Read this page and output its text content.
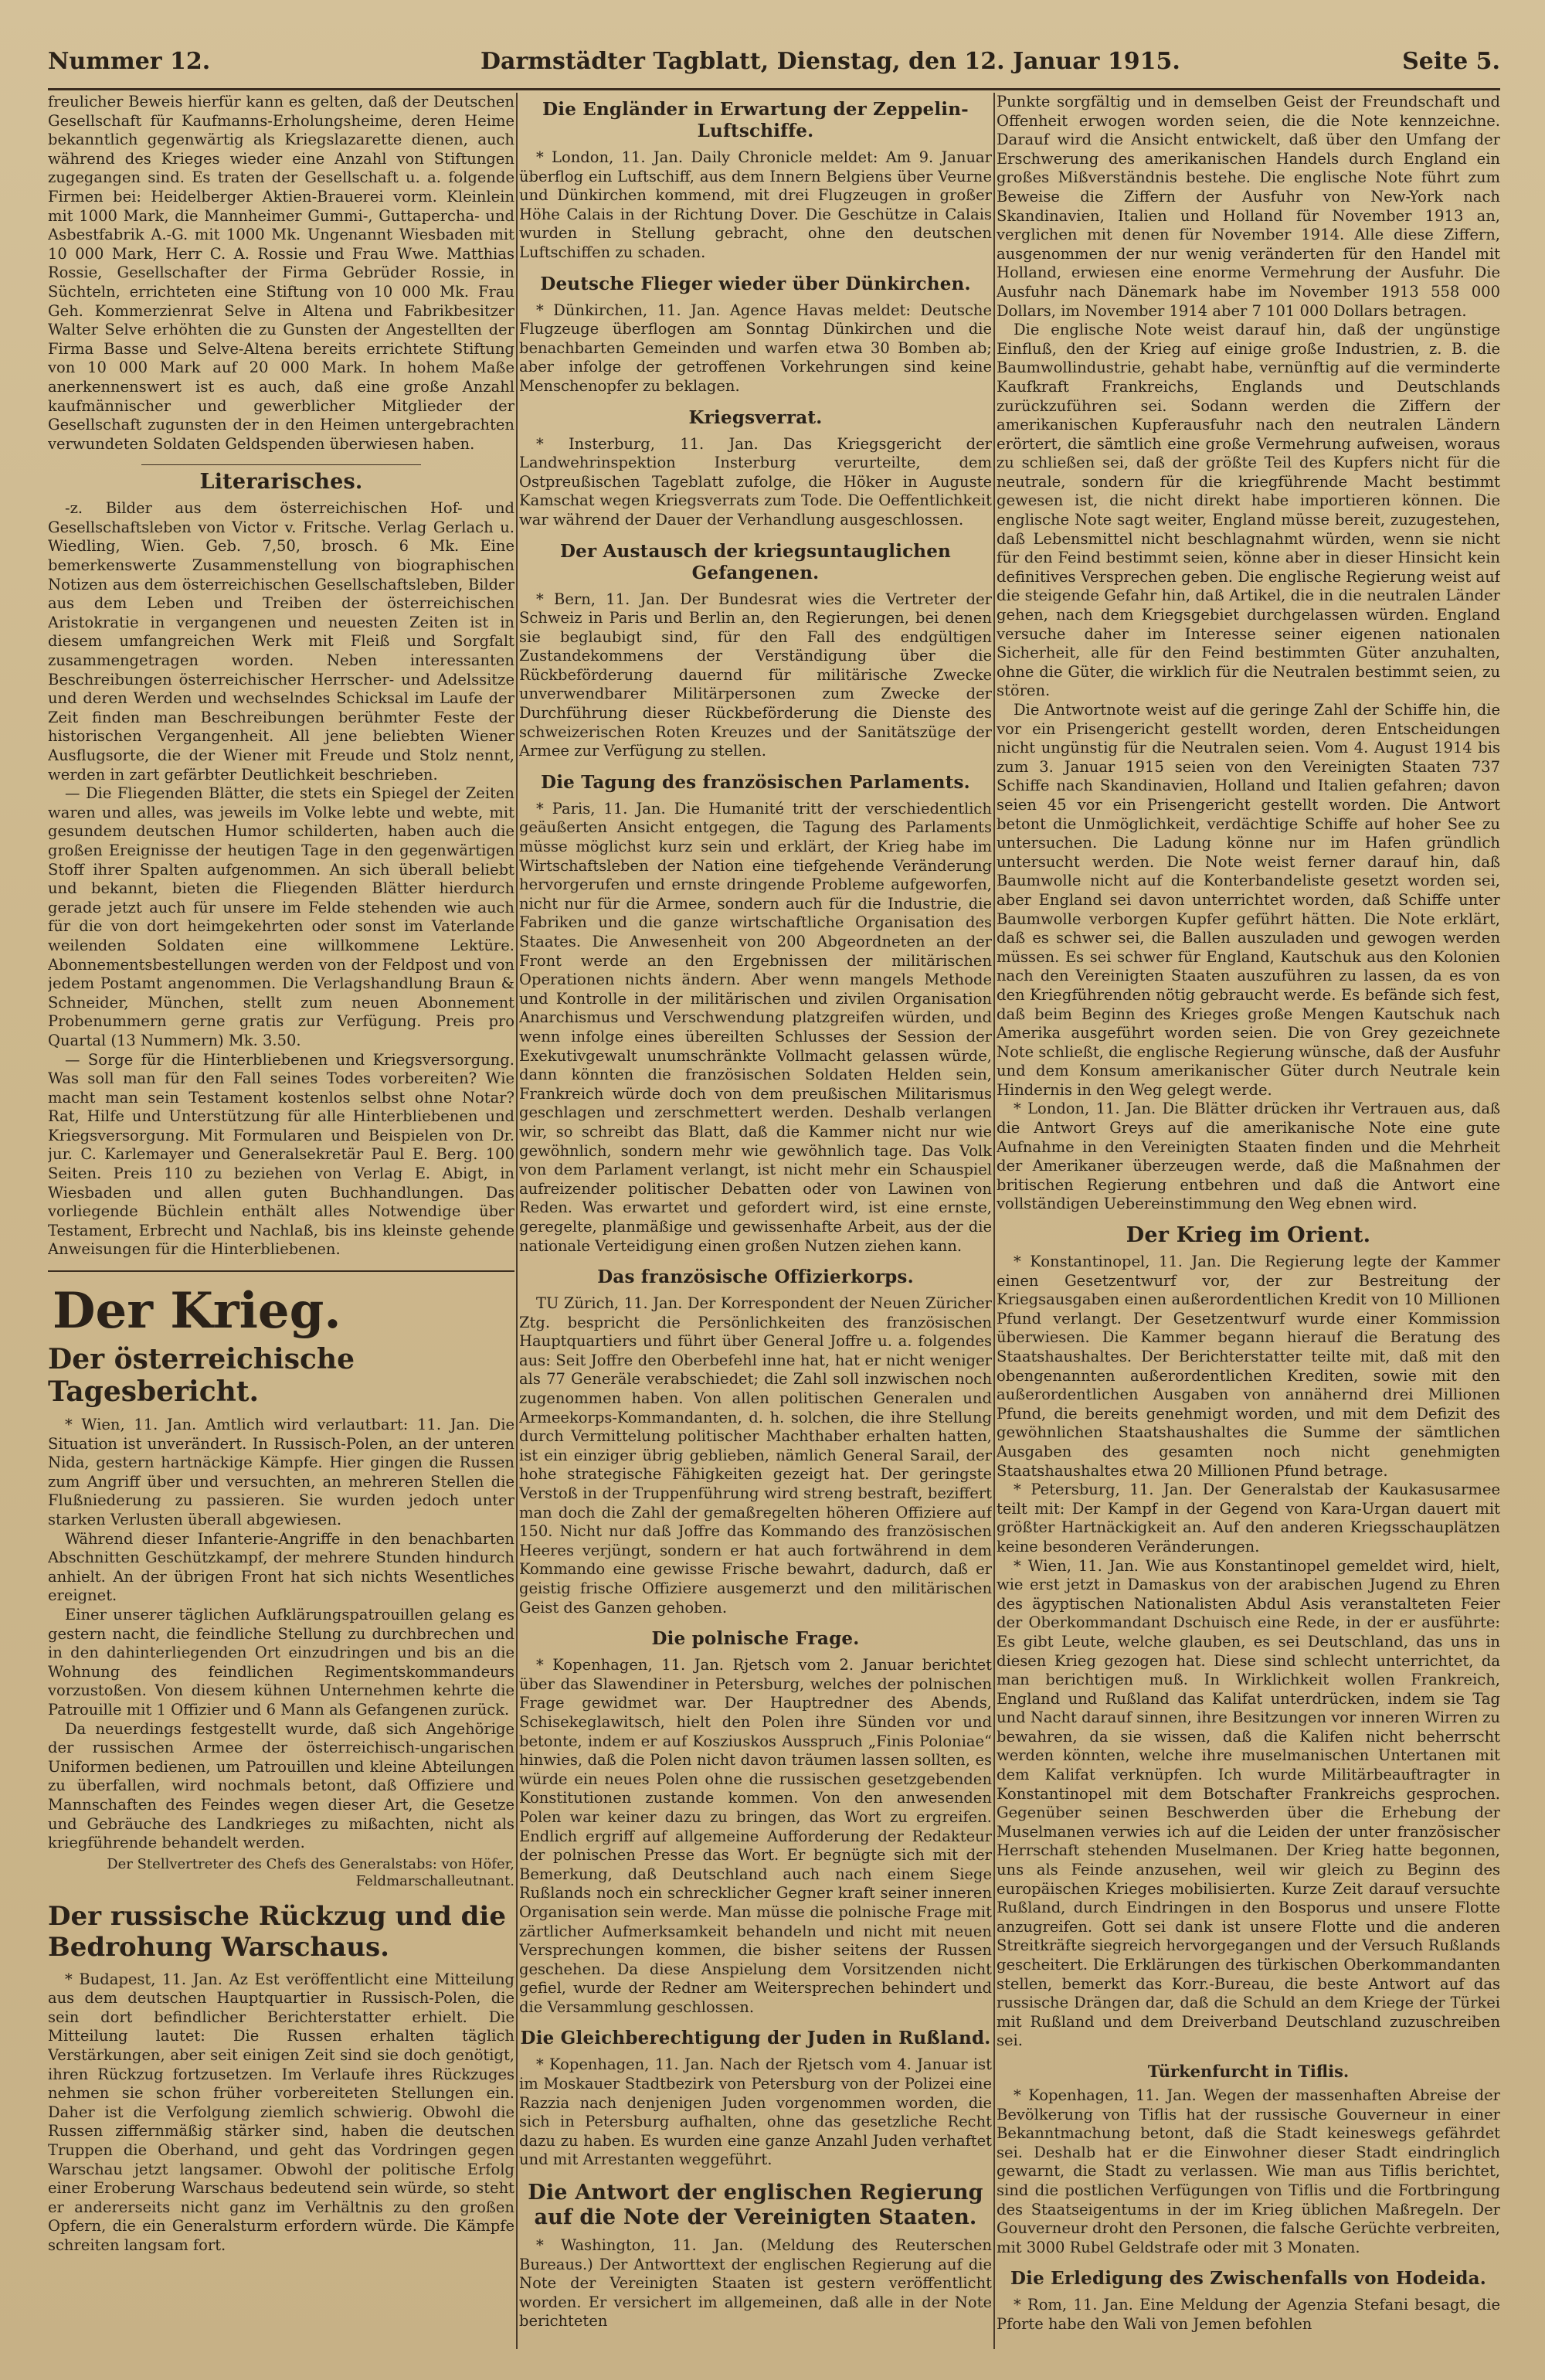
Nummer 12.	Darmstädter Tagblatt, Dienstag, den 12. Januar 1915.	Seite 5.

freulicher Beweis hierfür kann es gelten, daß der Deutschen Gesellschaft für Kaufmanns-Erholungsheime, deren Heime bekanntlich gegenwärtig als Kriegslazarette dienen, auch während des Krieges wieder eine Anzahl von Stiftungen zugegangen sind. Es traten der Gesellschaft u. a. folgende Firmen bei: Heidelberger Aktien-Brauerei vorm. Kleinlein mit 1000 Mark, die Mannheimer Gummi-, Guttapercha- und Asbestfabrik A.-G. mit 1000 Mk. Ungenannt Wiesbaden mit 10 000 Mark, Herr C. A. Rossie und Frau Wwe. Matthias Rossie, Gesellschafter der Firma Gebrüder Rossie, in Süchteln, errichteten eine Stiftung von 10 000 Mk. Frau Geh. Kommerzienrat Selve in Altena und Fabrikbesitzer Walter Selve erhöhten die zu Gunsten der Angestellten der Firma Basse und Selve-Altena bereits errichtete Stiftung von 10 000 Mark auf 20 000 Mark. In hohem Maße anerkennenswert ist es auch, daß eine große Anzahl kaufmännischer und gewerblicher Mitglieder der Gesellschaft zugunsten der in den Heimen untergebrachten verwundeten Soldaten Geldspenden überwiesen haben.

Literarisches.

-z. Bilder aus dem österreichischen Hof- und Gesellschaftsleben von Victor v. Fritsche. Verlag Gerlach u. Wiedling, Wien. Geb. 7,50, brosch. 6 Mk. Eine bemerkenswerte Zusammenstellung von biographischen Notizen aus dem österreichischen Gesellschaftsleben, Bilder aus dem Leben und Treiben der österreichischen Aristokratie in vergangenen und neuesten Zeiten ist in diesem umfangreichen Werk mit Fleiß und Sorgfalt zusammengetragen worden. Neben interessanten Beschreibungen österreichischer Herrscher- und Adelssitze und deren Werden und wechselndes Schicksal im Laufe der Zeit finden man Beschreibungen berühmter Feste der historischen Vergangenheit. All jene beliebten Wiener Ausflugsorte, die der Wiener mit Freude und Stolz nennt, werden in zart gefärbter Deutlichkeit beschrieben.

— Die Fliegenden Blätter, die stets ein Spiegel der Zeiten waren und alles, was jeweils im Volke lebte und webte, mit gesundem deutschen Humor schilderten, haben auch die großen Ereignisse der heutigen Tage in den gegenwärtigen Stoff ihrer Spalten aufgenommen. An sich überall beliebt und bekannt, bieten die Fliegenden Blätter hierdurch gerade jetzt auch für unsere im Felde stehenden wie auch für die von dort heimgekehrten oder sonst im Vaterlande weilenden Soldaten eine willkommene Lektüre. Abonnementsbestellungen werden von der Feldpost und von jedem Postamt angenommen. Die Verlagshandlung Braun & Schneider, München, stellt zum neuen Abonnement Probenummern gerne gratis zur Verfügung. Preis pro Quartal (13 Nummern) Mk. 3.50.

— Sorge für die Hinterbliebenen und Kriegsversorgung. Was soll man für den Fall seines Todes vorbereiten? Wie macht man sein Testament kostenlos selbst ohne Notar? Rat, Hilfe und Unterstützung für alle Hinterbliebenen und Kriegsversorgung. Mit Formularen und Beispielen von Dr. jur. C. Karlemayer und Generalsekretär Paul E. Berg. 100 Seiten. Preis 110 zu beziehen von Verlag E. Abigt, in Wiesbaden und allen guten Buchhandlungen. Das vorliegende Büchlein enthält alles Notwendige über Testament, Erbrecht und Nachlaß, bis ins kleinste gehende Anweisungen für die Hinterbliebenen.

Der Krieg.
Der österreichische Tagesbericht.

* Wien, 11. Jan. Amtlich wird verlautbart: 11. Jan. Die Situation ist unverändert. In Russisch-Polen, an der unteren Nida, gestern hartnäckige Kämpfe. Hier gingen die Russen zum Angriff über und versuchten, an mehreren Stellen die Flußniederung zu passieren. Sie wurden jedoch unter starken Verlusten überall abgewiesen.

Während dieser Infanterie-Angriffe in den benachbarten Abschnitten Geschützkampf, der mehrere Stunden hindurch anhielt. An der übrigen Front hat sich nichts Wesentliches ereignet.

Einer unserer täglichen Aufklärungspatrouillen gelang es gestern nacht, die feindliche Stellung zu durchbrechen und in den dahinterliegenden Ort einzudringen und bis an die Wohnung des feindlichen Regimentskommandeurs vorzustoßen. Von diesem kühnen Unternehmen kehrte die Patrouille mit 1 Offizier und 6 Mann als Gefangenen zurück.

Da neuerdings festgestellt wurde, daß sich Angehörige der russischen Armee der österreichisch-ungarischen Uniformen bedienen, um Patrouillen und kleine Abteilungen zu überfallen, wird nochmals betont, daß Offiziere und Mannschaften des Feindes wegen dieser Art, die Gesetze und Gebräuche des Landkrieges zu mißachten, nicht als kriegführende behandelt werden.

Der Stellvertreter des Chefs des Generalstabs: von Höfer, Feldmarschalleutnant.
Der russische Rückzug und die Bedrohung Warschaus.

* Budapest, 11. Jan. Az Est veröffentlicht eine Mitteilung aus dem deutschen Hauptquartier in Russisch-Polen, die sein dort befindlicher Berichterstatter erhielt. Die Mitteilung lautet: Die Russen erhalten täglich Verstärkungen, aber seit einigen Zeit sind sie doch genötigt, ihren Rückzug fortzusetzen. Im Verlaufe ihres Rückzuges nehmen sie schon früher vorbereiteten Stellungen ein. Daher ist die Verfolgung ziemlich schwierig. Obwohl die Russen ziffernmäßig stärker sind, haben die deutschen Truppen die Oberhand, und geht das Vordringen gegen Warschau jetzt langsamer. Obwohl der politische Erfolg einer Eroberung Warschaus bedeutend sein würde, so steht er andererseits nicht ganz im Verhältnis zu den großen Opfern, die ein Generalsturm erfordern würde. Die Kämpfe schreiten langsam fort.

Die Engländer in Erwartung der Zeppelin-Luftschiffe.

* London, 11. Jan. Daily Chronicle meldet: Am 9. Januar überflog ein Luftschiff, aus dem Innern Belgiens über Veurne und Dünkirchen kommend, mit drei Flugzeugen in großer Höhe Calais in der Richtung Dover. Die Geschütze in Calais wurden in Stellung gebracht, ohne den deutschen Luftschiffen zu schaden.

Deutsche Flieger wieder über Dünkirchen.

* Dünkirchen, 11. Jan. Agence Havas meldet: Deutsche Flugzeuge überflogen am Sonntag Dünkirchen und die benachbarten Gemeinden und warfen etwa 30 Bomben ab; aber infolge der getroffenen Vorkehrungen sind keine Menschenopfer zu beklagen.

Kriegsverrat.

* Insterburg, 11. Jan. Das Kriegsgericht der Landwehrinspektion Insterburg verurteilte, dem Ostpreußischen Tageblatt zufolge, die Höker in Auguste Kamschat wegen Kriegsverrats zum Tode. Die Oeffentlichkeit war während der Dauer der Verhandlung ausgeschlossen.

Der Austausch der kriegsuntauglichen Gefangenen.

* Bern, 11. Jan. Der Bundesrat wies die Vertreter der Schweiz in Paris und Berlin an, den Regierungen, bei denen sie beglaubigt sind, für den Fall des endgültigen Zustandekommens der Verständigung über die Rückbeförderung dauernd für militärische Zwecke unverwendbarer Militärpersonen zum Zwecke der Durchführung dieser Rückbeförderung die Dienste des schweizerischen Roten Kreuzes und der Sanitätszüge der Armee zur Verfügung zu stellen.

Die Tagung des französischen Parlaments.

* Paris, 11. Jan. Die Humanité tritt der verschiedentlich geäußerten Ansicht entgegen, die Tagung des Parlaments müsse möglichst kurz sein und erklärt, der Krieg habe im Wirtschaftsleben der Nation eine tiefgehende Veränderung hervorgerufen und ernste dringende Probleme aufgeworfen, nicht nur für die Armee, sondern auch für die Industrie, die Fabriken und die ganze wirtschaftliche Organisation des Staates. Die Anwesenheit von 200 Abgeordneten an der Front werde an den Ergebnissen der militärischen Operationen nichts ändern. Aber wenn mangels Methode und Kontrolle in der militärischen und zivilen Organisation Anarchismus und Verschwendung platzgreifen würden, und wenn infolge eines übereilten Schlusses der Session der Exekutivgewalt unumschränkte Vollmacht gelassen würde, dann könnten die französischen Soldaten Helden sein, Frankreich würde doch von dem preußischen Militarismus geschlagen und zerschmettert werden. Deshalb verlangen wir, so schreibt das Blatt, daß die Kammer nicht nur wie gewöhnlich, sondern mehr wie gewöhnlich tage. Das Volk von dem Parlament verlangt, ist nicht mehr ein Schauspiel aufreizender politischer Debatten oder von Lawinen von Reden. Was erwartet und gefordert wird, ist eine ernste, geregelte, planmäßige und gewissenhafte Arbeit, aus der die nationale Verteidigung einen großen Nutzen ziehen kann.

Das französische Offizierkorps.

TU Zürich, 11. Jan. Der Korrespondent der Neuen Züricher Ztg. bespricht die Persönlichkeiten des französischen Hauptquartiers und führt über General Joffre u. a. folgendes aus: Seit Joffre den Oberbefehl inne hat, hat er nicht weniger als 77 Generäle verabschiedet; die Zahl soll inzwischen noch zugenommen haben. Von allen politischen Generalen und Armeekorps-Kommandanten, d. h. solchen, die ihre Stellung durch Vermittelung politischer Machthaber erhalten hatten, ist ein einziger übrig geblieben, nämlich General Sarail, der hohe strategische Fähigkeiten gezeigt hat. Der geringste Verstoß in der Truppenführung wird streng bestraft, beziffert man doch die Zahl der gemaßregelten höheren Offiziere auf 150. Nicht nur daß Joffre das Kommando des französischen Heeres verjüngt, sondern er hat auch fortwährend in dem Kommando eine gewisse Frische bewahrt, dadurch, daß er geistig frische Offiziere ausgemerzt und den militärischen Geist des Ganzen gehoben.

Die polnische Frage.

* Kopenhagen, 11. Jan. Rjetsch vom 2. Januar berichtet über das Slawendiner in Petersburg, welches der polnischen Frage gewidmet war. Der Hauptredner des Abends, Schisekeglawitsch, hielt den Polen ihre Sünden vor und betonte, indem er auf Kosziuskos Ausspruch „Finis Poloniae“ hinwies, daß die Polen nicht davon träumen lassen sollten, es würde ein neues Polen ohne die russischen gesetzgebenden Konstitutionen zustande kommen. Von den anwesenden Polen war keiner dazu zu bringen, das Wort zu ergreifen. Endlich ergriff auf allgemeine Aufforderung der Redakteur der polnischen Presse das Wort. Er begnügte sich mit der Bemerkung, daß Deutschland auch nach einem Siege Rußlands noch ein schrecklicher Gegner kraft seiner inneren Organisation sein werde. Man müsse die polnische Frage mit zärtlicher Aufmerksamkeit behandeln und nicht mit neuen Versprechungen kommen, die bisher seitens der Russen geschehen. Da diese Anspielung dem Vorsitzenden nicht gefiel, wurde der Redner am Weitersprechen behindert und die Versammlung geschlossen.

Die Gleichberechtigung der Juden in Rußland.

* Kopenhagen, 11. Jan. Nach der Rjetsch vom 4. Januar ist im Moskauer Stadtbezirk von Petersburg von der Polizei eine Razzia nach denjenigen Juden vorgenommen worden, die sich in Petersburg aufhalten, ohne das gesetzliche Recht dazu zu haben. Es wurden eine ganze Anzahl Juden verhaftet und mit Arrestanten weggeführt.

Die Antwort der englischen Regierung auf die Note der Vereinigten Staaten.

* Washington, 11. Jan. (Meldung des Reuterschen Bureaus.) Der Antworttext der englischen Regierung auf die Note der Vereinigten Staaten ist gestern veröffentlicht worden. Er versichert im allgemeinen, daß alle in der Note berichteten

Punkte sorgfältig und in demselben Geist der Freundschaft und Offenheit erwogen worden seien, die die Note kennzeichne. Darauf wird die Ansicht entwickelt, daß über den Umfang der Erschwerung des amerikanischen Handels durch England ein großes Mißverständnis bestehe. Die englische Note führt zum Beweise die Ziffern der Ausfuhr von New-York nach Skandinavien, Italien und Holland für November 1913 an, verglichen mit denen für November 1914. Alle diese Ziffern, ausgenommen der nur wenig veränderten für den Handel mit Holland, erwiesen eine enorme Vermehrung der Ausfuhr. Die Ausfuhr nach Dänemark habe im November 1913 558 000 Dollars, im November 1914 aber 7 101 000 Dollars betragen.

Die englische Note weist darauf hin, daß der ungünstige Einfluß, den der Krieg auf einige große Industrien, z. B. die Baumwollindustrie, gehabt habe, vernünftig auf die verminderte Kaufkraft Frankreichs, Englands und Deutschlands zurückzuführen sei. Sodann werden die Ziffern der amerikanischen Kupferausfuhr nach den neutralen Ländern erörtert, die sämtlich eine große Vermehrung aufweisen, woraus zu schließen sei, daß der größte Teil des Kupfers nicht für die neutrale, sondern für die kriegführende Macht bestimmt gewesen ist, die nicht direkt habe importieren können. Die englische Note sagt weiter, England müsse bereit, zuzugestehen, daß Lebensmittel nicht beschlagnahmt würden, wenn sie nicht für den Feind bestimmt seien, könne aber in dieser Hinsicht kein definitives Versprechen geben. Die englische Regierung weist auf die steigende Gefahr hin, daß Artikel, die in die neutralen Länder gehen, nach dem Kriegsgebiet durchgelassen würden. England versuche daher im Interesse seiner eigenen nationalen Sicherheit, alle für den Feind bestimmten Güter anzuhalten, ohne die Güter, die wirklich für die Neutralen bestimmt seien, zu stören.

Die Antwortnote weist auf die geringe Zahl der Schiffe hin, die vor ein Prisengericht gestellt worden, deren Entscheidungen nicht ungünstig für die Neutralen seien. Vom 4. August 1914 bis zum 3. Januar 1915 seien von den Vereinigten Staaten 737 Schiffe nach Skandinavien, Holland und Italien gefahren; davon seien 45 vor ein Prisengericht gestellt worden. Die Antwort betont die Unmöglichkeit, verdächtige Schiffe auf hoher See zu untersuchen. Die Ladung könne nur im Hafen gründlich untersucht werden. Die Note weist ferner darauf hin, daß Baumwolle nicht auf die Konterbandeliste gesetzt worden sei, aber England sei davon unterrichtet worden, daß Schiffe unter Baumwolle verborgen Kupfer geführt hätten. Die Note erklärt, daß es schwer sei, die Ballen auszuladen und gewogen werden müssen. Es sei schwer für England, Kautschuk aus den Kolonien nach den Vereinigten Staaten auszuführen zu lassen, da es von den Kriegführenden nötig gebraucht werde. Es befände sich fest, daß beim Beginn des Krieges große Mengen Kautschuk nach Amerika ausgeführt worden seien. Die von Grey gezeichnete Note schließt, die englische Regierung wünsche, daß der Ausfuhr und dem Konsum amerikanischer Güter durch Neutrale kein Hindernis in den Weg gelegt werde.

* London, 11. Jan. Die Blätter drücken ihr Vertrauen aus, daß die Antwort Greys auf die amerikanische Note eine gute Aufnahme in den Vereinigten Staaten finden und die Mehrheit der Amerikaner überzeugen werde, daß die Maßnahmen der britischen Regierung entbehren und daß die Antwort eine vollständigen Uebereinstimmung den Weg ebnen wird.

Der Krieg im Orient.

* Konstantinopel, 11. Jan. Die Regierung legte der Kammer einen Gesetzentwurf vor, der zur Bestreitung der Kriegsausgaben einen außerordentlichen Kredit von 10 Millionen Pfund verlangt. Der Gesetzentwurf wurde einer Kommission überwiesen. Die Kammer begann hierauf die Beratung des Staatshaushaltes. Der Berichterstatter teilte mit, daß mit den obengenannten außerordentlichen Krediten, sowie mit den außerordentlichen Ausgaben von annähernd drei Millionen Pfund, die bereits genehmigt worden, und mit dem Defizit des gewöhnlichen Staatshaushaltes die Summe der sämtlichen Ausgaben des gesamten noch nicht genehmigten Staatshaushaltes etwa 20 Millionen Pfund betrage.

* Petersburg, 11. Jan. Der Generalstab der Kaukasusarmee teilt mit: Der Kampf in der Gegend von Kara-Urgan dauert mit größter Hartnäckigkeit an. Auf den anderen Kriegsschauplätzen keine besonderen Veränderungen.

* Wien, 11. Jan. Wie aus Konstantinopel gemeldet wird, hielt, wie erst jetzt in Damaskus von der arabischen Jugend zu Ehren des ägyptischen Nationalisten Abdul Asis veranstalteten Feier der Oberkommandant Dschuisch eine Rede, in der er ausführte: Es gibt Leute, welche glauben, es sei Deutschland, das uns in diesen Krieg gezogen hat. Diese sind schlecht unterrichtet, da man berichtigen muß. In Wirklichkeit wollen Frankreich, England und Rußland das Kalifat unterdrücken, indem sie Tag und Nacht darauf sinnen, ihre Besitzungen vor inneren Wirren zu bewahren, da sie wissen, daß die Kalifen nicht beherrscht werden könnten, welche ihre muselmanischen Untertanen mit dem Kalifat verknüpfen. Ich wurde Militärbeauftragter in Konstantinopel mit dem Botschafter Frankreichs gesprochen. Gegenüber seinen Beschwerden über die Erhebung der Muselmanen verwies ich auf die Leiden der unter französischer Herrschaft stehenden Muselmanen. Der Krieg hatte begonnen, uns als Feinde anzusehen, weil wir gleich zu Beginn des europäischen Krieges mobilisierten. Kurze Zeit darauf versuchte Rußland, durch Eindringen in den Bosporus und unsere Flotte anzugreifen. Gott sei dank ist unsere Flotte und die anderen Streitkräfte siegreich hervorgegangen und der Versuch Rußlands gescheitert. Die Erklärungen des türkischen Oberkommandanten stellen, bemerkt das Korr.-Bureau, die beste Antwort auf das russische Drängen dar, daß die Schuld an dem Kriege der Türkei mit Rußland und dem Dreiverband Deutschland zuzuschreiben sei.

Türkenfurcht in Tiflis.

* Kopenhagen, 11. Jan. Wegen der massenhaften Abreise der Bevölkerung von Tiflis hat der russische Gouverneur in einer Bekanntmachung betont, daß die Stadt keineswegs gefährdet sei. Deshalb hat er die Einwohner dieser Stadt eindringlich gewarnt, die Stadt zu verlassen. Wie man aus Tiflis berichtet, sind die postlichen Verfügungen von Tiflis und die Fortbringung des Staatseigentums in der im Krieg üblichen Maßregeln. Der Gouverneur droht den Personen, die falsche Gerüchte verbreiten, mit 3000 Rubel Geldstrafe oder mit 3 Monaten.

Die Erledigung des Zwischenfalls von Hodeida.

* Rom, 11. Jan. Eine Meldung der Agenzia Stefani besagt, die Pforte habe den Wali von Jemen befohlen
